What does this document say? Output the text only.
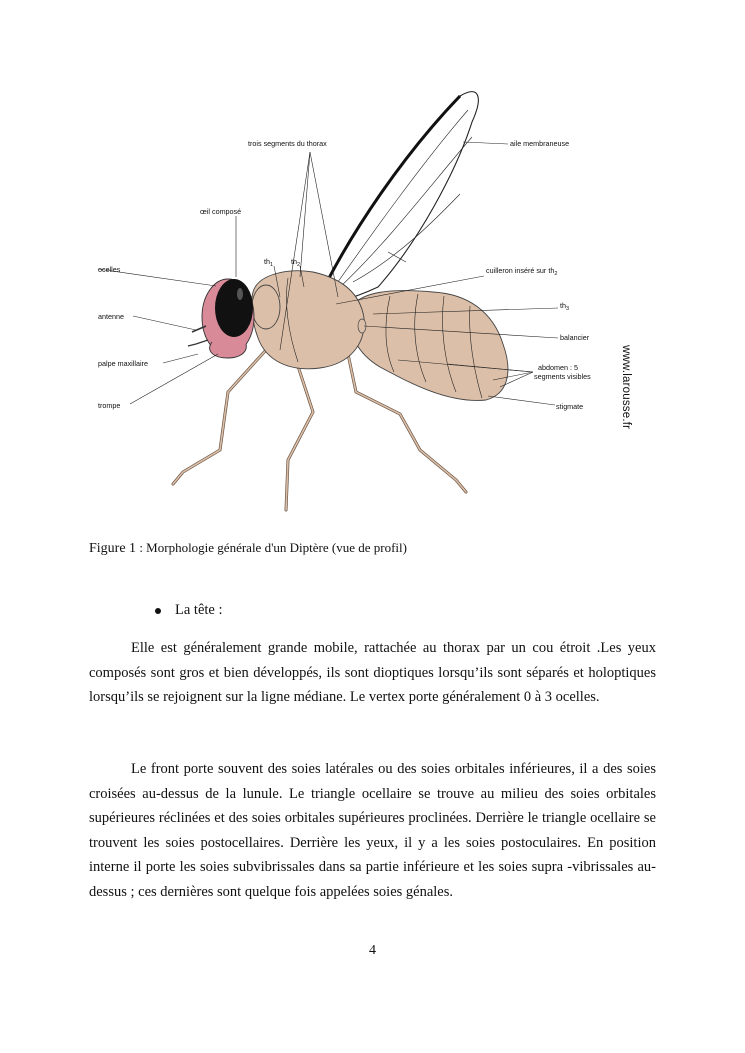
trois segments du thorax
œil composé
ocelles
antenne
palpe maxillaire
trompe
$th_1$ $th_2$
aile membraneuse
cuilleron inséré sur $th_2$
$th_3$
balancier
abdomen : 5
segments visibles
stigmate	www.larousse.fr
Figure 1 : Morphologie générale d'un Diptère (vue de profil)
La tête :

Elle est généralement grande mobile, rattachée au thorax par un cou étroit .Les yeux composés sont gros et bien développés, ils sont dioptiques lorsqu’ils sont séparés et holoptiques lorsqu’ils se rejoignent sur la ligne médiane. Le vertex porte généralement 0 à 3 ocelles.

Le front porte souvent des soies latérales ou des soies orbitales inférieures, il a des soies croisées au-dessus de la lunule. Le triangle ocellaire se trouve au milieu des soies orbitales supérieures réclinées et des soies orbitales supérieures proclinées. Derrière le triangle ocellaire se trouvent les soies postocellaires. Derrière les yeux, il y a les soies postoculaires. En position interne il porte les soies subvibrissales dans sa partie inférieure et les soies supra -vibrissales au-dessus ; ces dernières sont quelque fois appelées soies génales.

4
